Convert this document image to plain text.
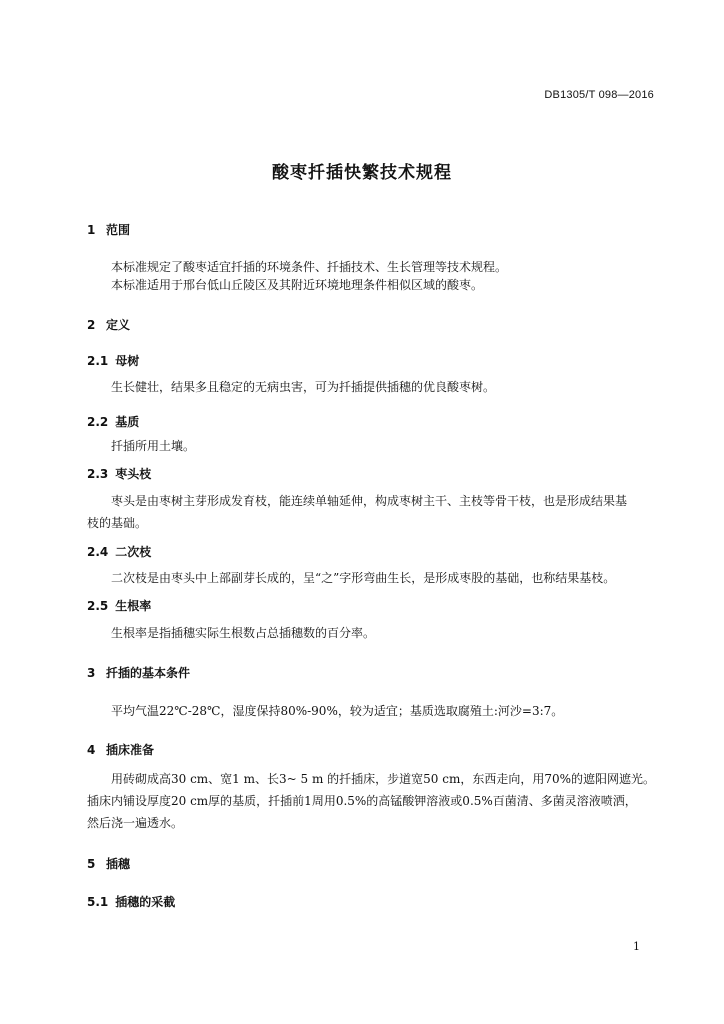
DB1305/T 098—2016
酸枣扦插快繁技术规程
1 范围
本标准规定了酸枣适宜扦插的环境条件、扦插技术、生长管理等技术规程。
本标准适用于邢台低山丘陵区及其附近环境地理条件相似区域的酸枣。
2 定义
2.1 母树
生长健壮，结果多且稳定的无病虫害，可为扦插提供插穗的优良酸枣树。
2.2 基质
扦插所用土壤。
2.3 枣头枝
枣头是由枣树主芽形成发育枝，能连续单轴延伸，构成枣树主干、主枝等骨干枝，也是形成结果基
枝的基础。
2.4 二次枝
二次枝是由枣头中上部副芽长成的，呈“之”字形弯曲生长，是形成枣股的基础，也称结果基枝。
2.5 生根率
生根率是指插穗实际生根数占总插穗数的百分率。
3 扦插的基本条件
平均气温22℃-28℃，湿度保持80%-90%，较为适宜；基质选取腐殖土:河沙=3:7。
4 插床准备
用砖砌成高30 cm、宽1 m、长3~ 5 m 的扦插床，步道宽50 cm，东西走向，用70%的遮阳网遮光。
插床内铺设厚度20 cm厚的基质，扦插前1周用0.5%的高锰酸钾溶液或0.5%百菌清、多菌灵溶液喷洒，
然后浇一遍透水。
5 插穗
5.1 插穗的采截
1
